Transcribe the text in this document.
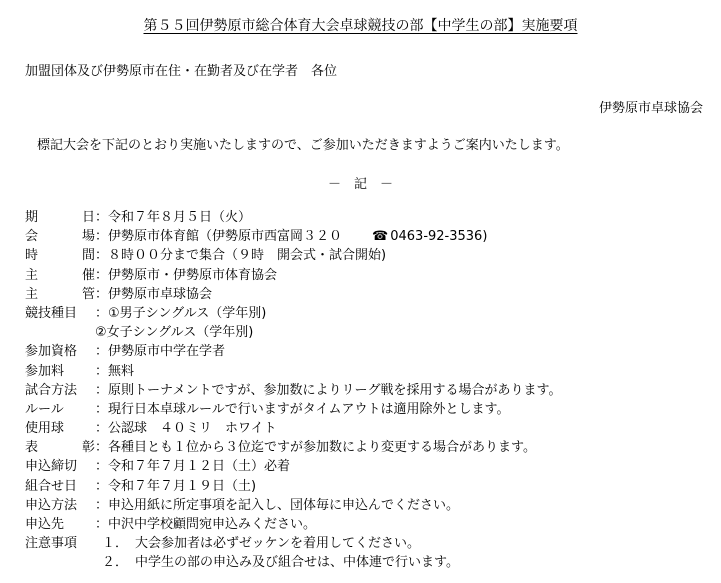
第５５回伊勢原市総合体育大会卓球競技の部【中学生の部】実施要項
加盟団体及び伊勢原市在住・在勤者及び在学者　各位
伊勢原市卓球協会
標記大会を下記のとおり実施いたしますので、ご参加いただきますようご案内いたします。
－　記　－
期	日 ： 令和７年８月５日（火）
会	場 ： 伊勢原市体育館（伊勢原市西富岡３２０ ☎ 0463-92-3536)
時	間 ： ８時００分まで集合（９時　開会式・試合開始)
主	催 ： 伊勢原市・伊勢原市体育協会
主	管 ： 伊勢原市卓球協会
競技種目 ： ①男子シングルス（学年別)
②女子シングルス（学年別)
参加資格 ： 伊勢原市中学在学者
参加料 ： 無料
試合方法 ： 原則トーナメントですが、参加数によりリーグ戦を採用する場合があります。
ルール ： 現行日本卓球ルールで行いますがタイムアウトは適用除外とします。
使用球 ： 公認球　４０ミリ　ホワイト
表	彰 ： 各種目とも１位から３位迄ですが参加数により変更する場合があります。
申込締切 ： 令和７年７月１２日（土）必着
組合せ日 ： 令和７年７月１９日（土)
申込方法 ： 申込用紙に所定事項を記入し、団体毎に申込んでください。
申込先 ： 中沢中学校顧問宛申込みください。
注意事項	１． 大会参加者は必ずゼッケンを着用してください。
２． 中学生の部の申込み及び組合せは、中体連で行います。
